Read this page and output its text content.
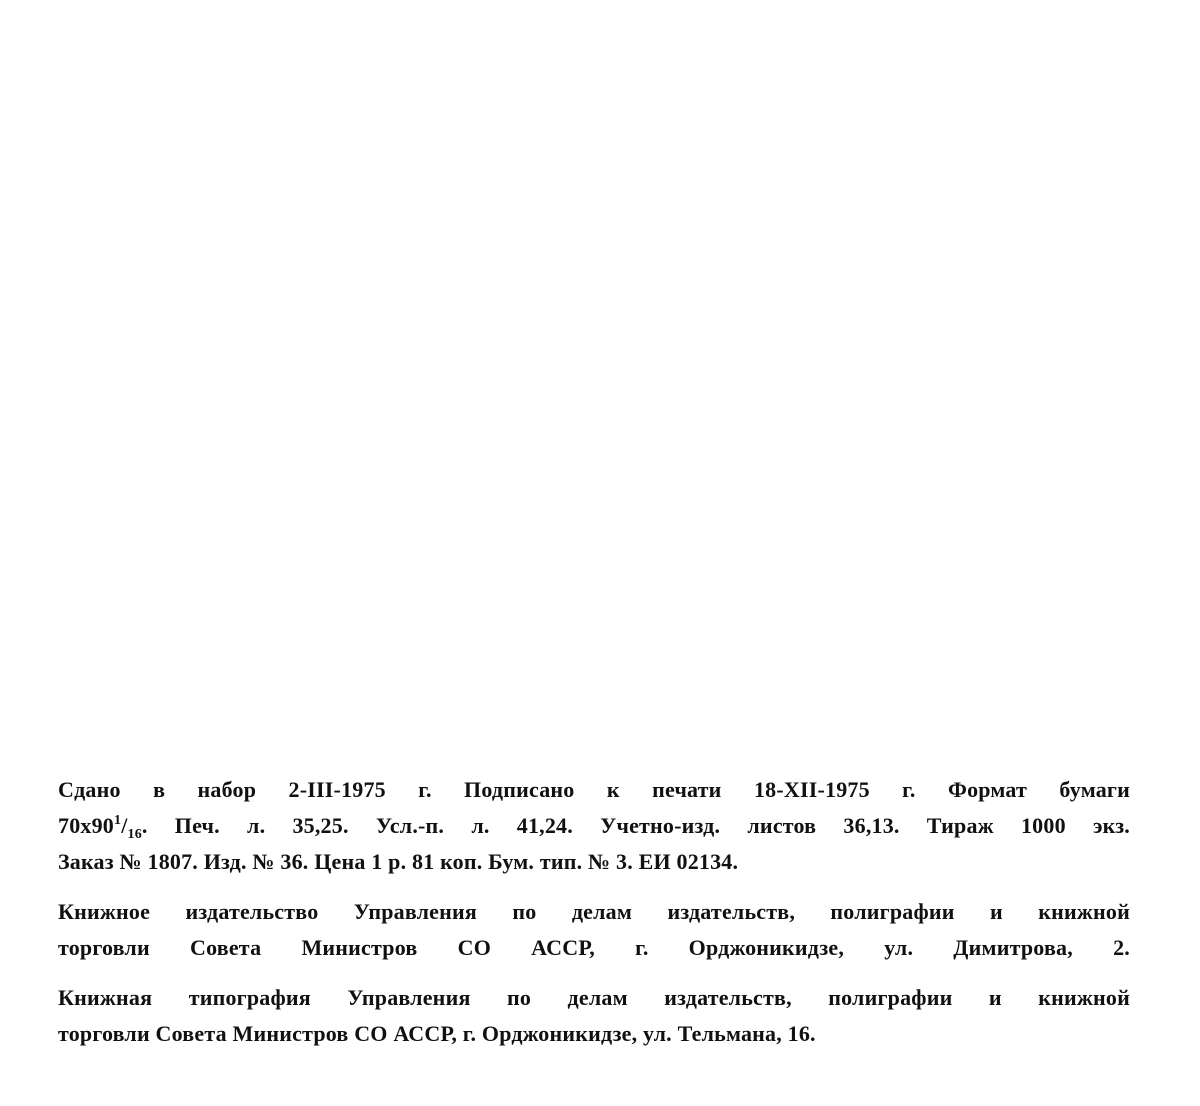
Сдано в набор 2-III-1975 г. Подписано к печати 18-XII-1975 г. Формат бумаги
$70x90^1/_{16}$. Печ. л. 35,25. Усл.-п. л. 41,24. Учетно-изд. листов 36,13. Тираж 1000 экз.
Заказ № 1807. Изд. № 36. Цена 1 р. 81 коп. Бум. тип. № 3. ЕИ 02134.

Книжное издательство Управления по делам издательств, полиграфии и книжной
торговли Совета Министров СО АССР, г. Орджоникидзе, ул. Димитрова, 2.

Книжная типография Управления по делам издательств, полиграфии и книжной
торговли Совета Министров СО АССР, г. Орджоникидзе, ул. Тельмана, 16.
